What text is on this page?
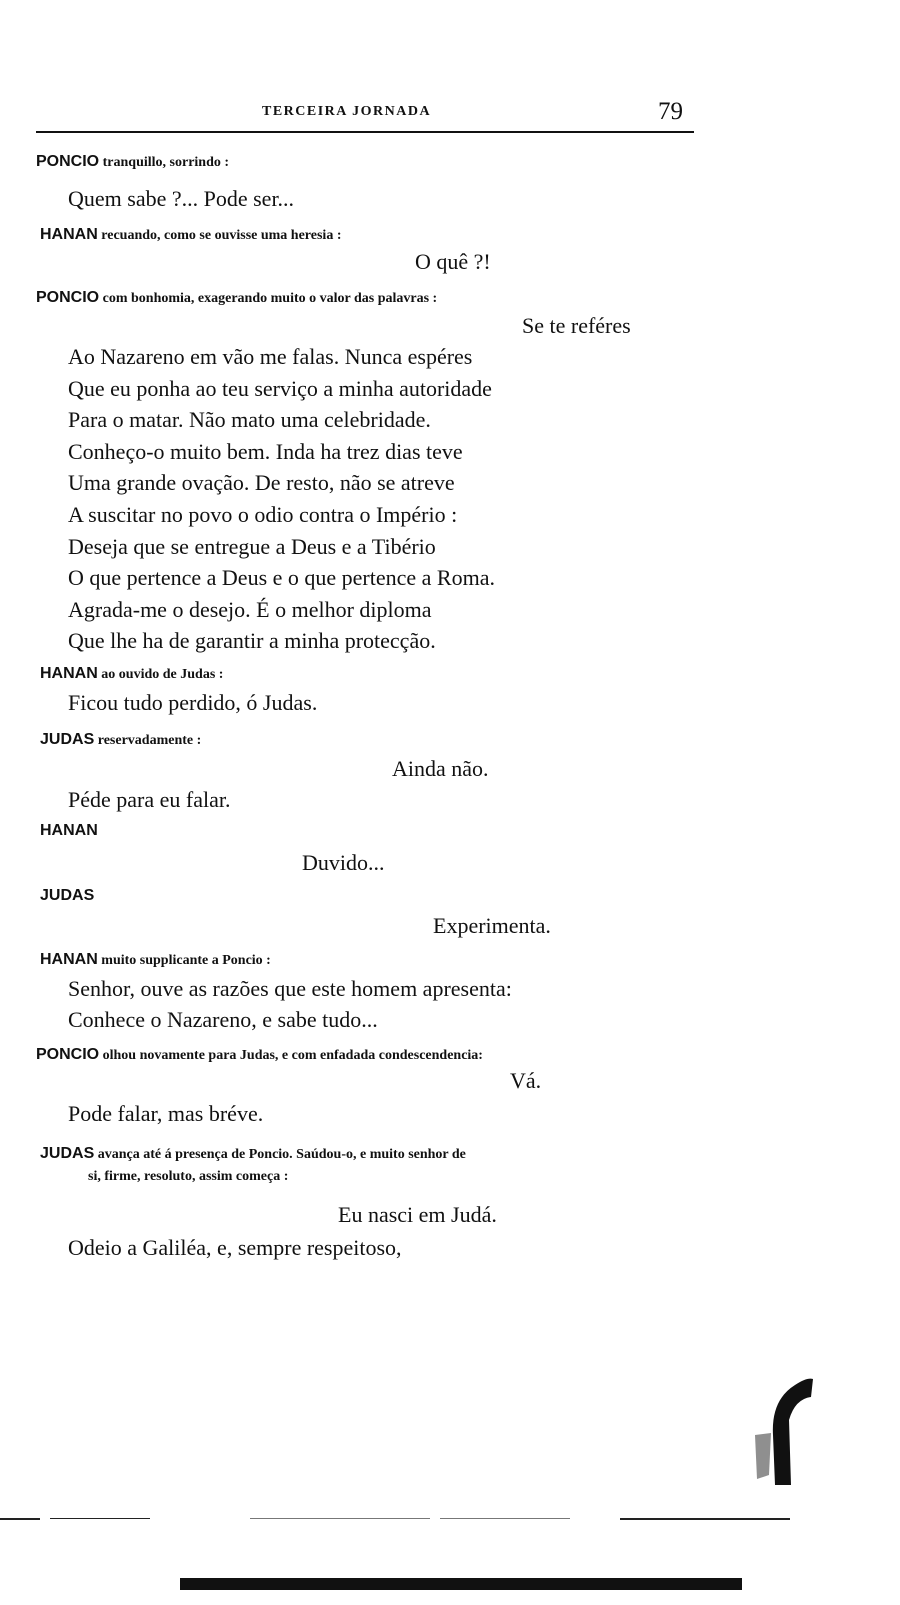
TERCEIRA JORNADA	79
PONCIO tranquillo, sorrindo :
Quem sabe ?... Pode ser...
HANAN recuando, como se ouvisse uma heresia :
O quê ?!
PONCIO com bonhomia, exagerando muito o valor das palavras :
Se te reféres
Ao Nazareno em vão me falas. Nunca espéres
Que eu ponha ao teu serviço a minha autoridade
Para o matar. Não mato uma celebridade.
Conheço-o muito bem. Inda ha trez dias teve
Uma grande ovação. De resto, não se atreve
A suscitar no povo o odio contra o Império :
Deseja que se entregue a Deus e a Tibério
O que pertence a Deus e o que pertence a Roma.
Agrada-me o desejo. É o melhor diploma
Que lhe ha de garantir a minha protecção.
HANAN ao ouvido de Judas :
Ficou tudo perdido, ó Judas.
JUDAS reservadamente :
Ainda não.
Péde para eu falar.
HANAN
Duvido...
JUDAS
Experimenta.
HANAN muito supplicante a Poncio :
Senhor, ouve as razões que este homem apresenta:
Conhece o Nazareno, e sabe tudo...
PONCIO olhou novamente para Judas, e com enfadada condescendencia:
Vá.
Pode falar, mas bréve.
JUDAS avança até á presença de Poncio. Saúdou-o, e muito senhor de
si, firme, resoluto, assim começa :
Eu nasci em Judá.
Odeio a Galiléa, e, sempre respeitoso,
